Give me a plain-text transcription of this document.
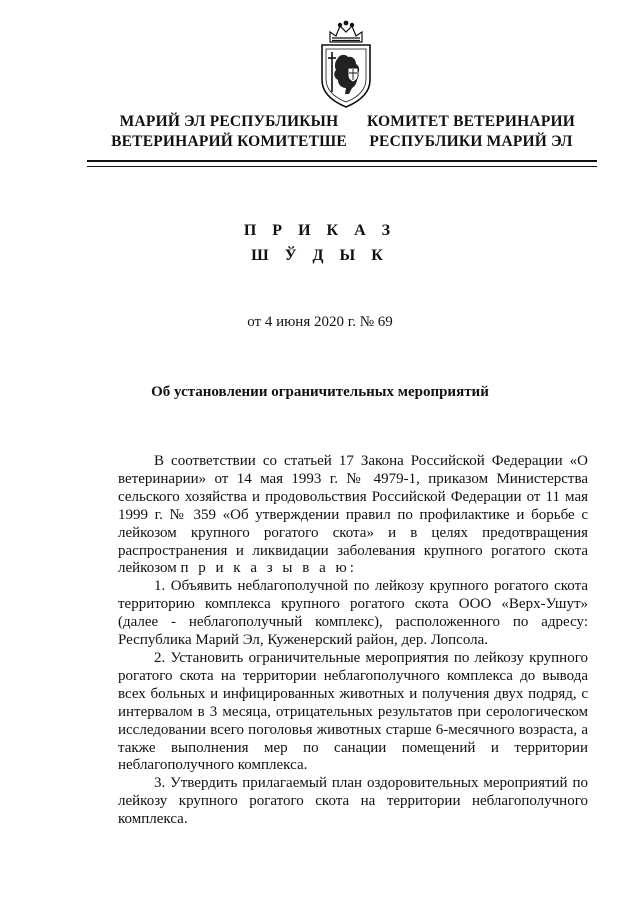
МАРИЙ ЭЛ РЕСПУБЛИКЫН
ВЕТЕРИНАРИЙ КОМИТЕТШЕ
КОМИТЕТ ВЕТЕРИНАРИИ
РЕСПУБЛИКИ МАРИЙ ЭЛ
П Р И К А З
Ш Ў Д Ы К
от 4 июня 2020 г. № 69
Об установлении ограничительных мероприятий

В соответствии со статьей 17 Закона Российской Федерации «О ветеринарии» от 14 мая 1993 г. № 4979-1, приказом Министерства сельского хозяйства и продовольствия Российской Федерации от 11 мая 1999 г. № 359 «Об утверждении правил по профилактике и борьбе с лейкозом крупного рогатого скота» и в целях предотвращения распространения и ликвидации заболевания крупного рогатого скота лейкозом п р и к а з ы в а ю:

1. Объявить неблагополучной по лейкозу крупного рогатого скота территорию комплекса крупного рогатого скота ООО «Верх-Ушут» (далее - неблагополучный комплекс), расположенного по адресу: Республика Марий Эл, Куженерский район, дер. Лопсола.

2. Установить ограничительные мероприятия по лейкозу крупного рогатого скота на территории неблагополучного комплекса до вывода всех больных и инфицированных животных и получения двух подряд, с интервалом в 3 месяца, отрицательных результатов при серологическом исследовании всего поголовья животных старше 6-месячного возраста, а также выполнения мер по санации помещений и территории неблагополучного комплекса.

3. Утвердить прилагаемый план оздоровительных мероприятий по лейкозу крупного рогатого скота на территории неблагополучного комплекса.
